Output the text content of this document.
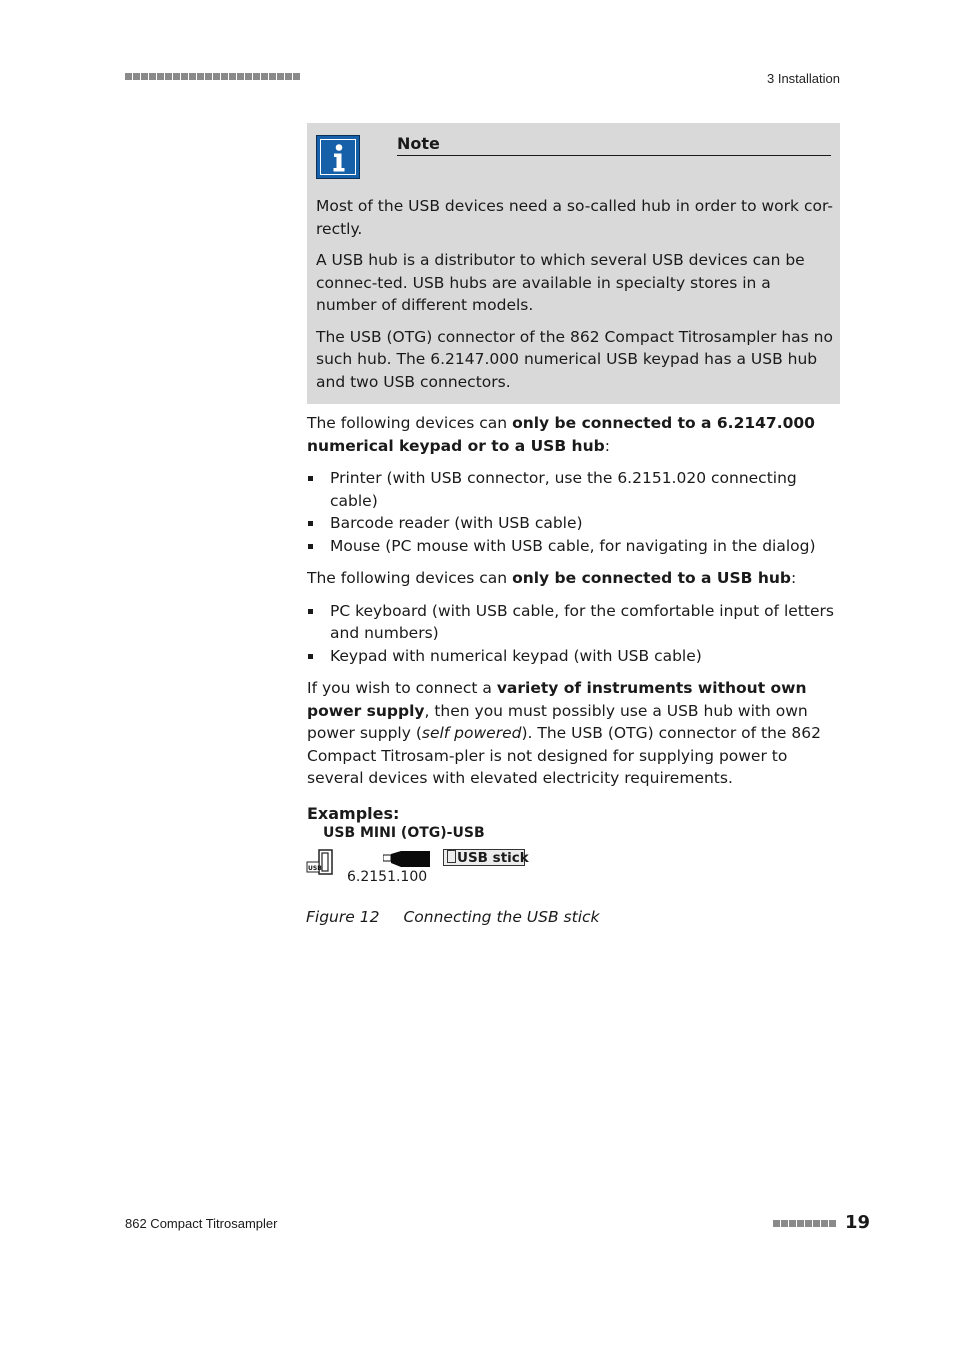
3 Installation
Note

Most of the USB devices need a so-called hub in order to work cor-rectly.

A USB hub is a distributor to which several USB devices can be connec-ted. USB hubs are available in specialty stores in a number of different models.

The USB (OTG) connector of the 862 Compact Titrosampler has no such hub. The 6.2147.000 numerical USB keypad has a USB hub and two USB connectors.

The following devices can only be connected to a 6.2147.000 numerical keypad or to a USB hub:

Printer (with USB connector, use the 6.2151.020 connecting cable)
Barcode reader (with USB cable)
Mouse (PC mouse with USB cable, for navigating in the dialog)

The following devices can only be connected to a USB hub:

PC keyboard (with USB cable, for the comfortable input of letters and numbers)
Keypad with numerical keypad (with USB cable)

If you wish to connect a variety of instruments without own power supply, then you must possibly use a USB hub with own power supply (self powered). The USB (OTG) connector of the 862 Compact Titrosam-pler is not designed for supplying power to several devices with elevated electricity requirements.

Examples:
USB MINI (OTG)-USB
USB
USB stick
6.2151.100
Figure 12 Connecting the USB stick
862 Compact Titrosampler	19
